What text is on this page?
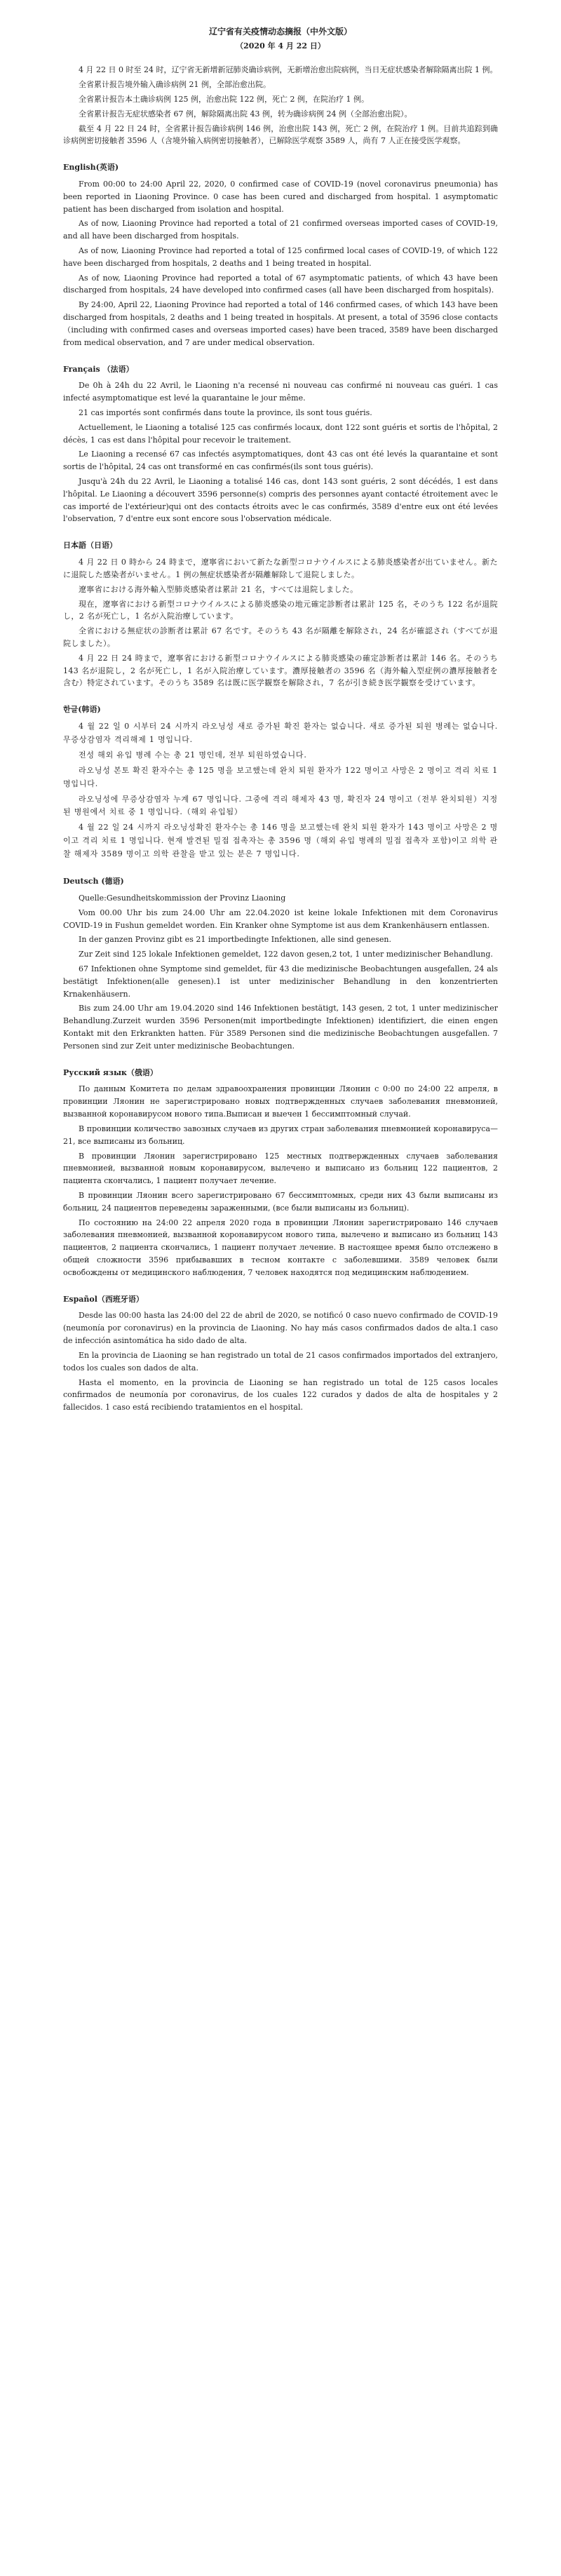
辽宁省有关疫情动态摘报（中外文版）
（2020 年 4 月 22 日）

4 月 22 日 0 时至 24 时，辽宁省无新增新冠肺炎确诊病例，无新增治愈出院病例，当日无症状感染者解除隔离出院 1 例。

全省累计报告境外输入确诊病例 21 例，全部治愈出院。

全省累计报告本土确诊病例 125 例，治愈出院 122 例，死亡 2 例，在院治疗 1 例。

全省累计报告无症状感染者 67 例，解除隔离出院 43 例，转为确诊病例 24 例（全部治愈出院）。

截至 4 月 22 日 24 时，全省累计报告确诊病例 146 例，治愈出院 143 例，死亡 2 例，在院治疗 1 例。目前共追踪到确诊病例密切接触者 3596 人（含境外输入病例密切接触者），已解除医学观察 3589 人，尚有 7 人正在接受医学观察。

English(英语)

From 00:00 to 24:00 April 22, 2020, 0 confirmed case of COVID-19 (novel coronavirus pneumonia) has been reported in Liaoning Province. 0 case has been cured and discharged from hospital. 1 asymptomatic patient has been discharged from isolation and hospital.

As of now, Liaoning Province had reported a total of 21 confirmed overseas imported cases of COVID-19, and all have been discharged from hospitals.

As of now, Liaoning Province had reported a total of 125 confirmed local cases of COVID-19, of which 122 have been discharged from hospitals, 2 deaths and 1 being treated in hospital.

As of now, Liaoning Province had reported a total of 67 asymptomatic patients, of which 43 have been discharged from hospitals, 24 have developed into confirmed cases (all have been discharged from hospitals).

By 24:00, April 22, Liaoning Province had reported a total of 146 confirmed cases, of which 143 have been discharged from hospitals, 2 deaths and 1 being treated in hospitals. At present, a total of 3596 close contacts（including with confirmed cases and overseas imported cases) have been traced, 3589 have been discharged from medical observation, and 7 are under medical observation.

Français （法语）

De 0h à 24h du 22 Avril, le Liaoning n'a recensé ni nouveau cas confirmé ni nouveau cas guéri. 1 cas infecté asymptomatique est levé la quarantaine le jour même.

21 cas importés sont confirmés dans toute la province, ils sont tous guéris.

Actuellement, le Liaoning a totalisé 125 cas confirmés locaux, dont 122 sont guéris et sortis de l'hôpital, 2 décès, 1 cas est dans l'hôpital pour recevoir le traitement.

Le Liaoning a recensé 67 cas infectés asymptomatiques, dont 43 cas ont été levés la quarantaine et sont sortis de l'hôpital, 24 cas ont transformé en cas confirmés(ils sont tous guéris).

Jusqu'à 24h du 22 Avril, le Liaoning a totalisé 146 cas, dont 143 sont guéris, 2 sont décédés, 1 est dans l'hôpital. Le Liaoning a découvert 3596 personne(s) compris des personnes ayant contacté étroitement avec le cas importé de l'extérieur)qui ont des contacts étroits avec le cas confirmés, 3589 d'entre eux ont été levées l'observation, 7 d'entre eux sont encore sous l'observation médicale.

日本語（日语）

4 月 22 日 0 時から 24 時まで，遼寧省において新たな新型コロナウイルスによる肺炎感染者が出ていません。新たに退院した感染者がいません。1 例の無症状感染者が隔離解除して退院しました。

遼寧省における海外輸入型肺炎感染者は累計 21 名，すべては退院しました。

現在，遼寧省における新型コロナウイルスによる肺炎感染の地元確定診断者は累計 125 名，そのうち 122 名が退院し，2 名が死亡し，1 名が入院治療しています。

全省における無症状の診断者は累計 67 名です。そのうち 43 名が隔離を解除され，24 名が確認され（すべてが退院しました）。

4 月 22 日 24 時まで，遼寧省における新型コロナウイルスによる肺炎感染の確定診断者は累計 146 名。そのうち 143 名が退院し，2 名が死亡し，1 名が入院治療しています。濃厚接触者の 3596 名（海外輸入型症例の濃厚接触者を含む）特定されています。そのうち 3589 名は既に医学観察を解除され，7 名が引き続き医学観察を受けています。

한글(韩语)

4 월 22 일 0 시부터 24 시까지 라오닝성 새로 증가된 확진 환자는 없습니다. 새로 증가된 퇴원 병례는 없습니다. 무증상감염자 격리해제 1 명입니다.

전성 해외 유입 병례 수는 총 21 명인데, 전부 퇴원하였습니다.

라오닝성 본토 확진 환자수는 총 125 명을 보고했는데 완치 퇴원 환자가 122 명이고 사망은 2 명이고 격리 치료 1 명입니다.

라오닝성에 무증상감염자 누계 67 명입니다. 그중에 격리 해제자 43 명, 확진자 24 명이고（전부 완치퇴원）지정된 병원에서 치료 중 1 명입니다.（해외 유입됨）

4 월 22 일 24 시까지 라오닝성확진 환자수는 총 146 명을 보고했는데 완치 퇴원 환자가 143 명이고 사망은 2 명이고 격리 치료 1 명입니다. 현재 발견된 밀접 접촉자는 총 3596 명（해외 유입 병례의 밀접 접촉자 포함)이고 의학 관찰 해제자 3589 명이고 의학 관찰을 받고 있는 분은 7 명입니다.

Deutsch (德语)

Quelle:Gesundheitskommission der Provinz Liaoning

Vom 00.00 Uhr bis zum 24.00 Uhr am 22.04.2020 ist keine lokale Infektionen mit dem Coronavirus COVID-19 in Fushun gemeldet worden. Ein Kranker ohne Symptome ist aus dem Krankenhäusern entlassen.

In der ganzen Provinz gibt es 21 importbedingte Infektionen, alle sind genesen.

Zur Zeit sind 125 lokale Infektionen gemeldet, 122 davon gesen,2 tot, 1 unter medizinischer Behandlung.

67 Infektionen ohne Symptome sind gemeldet, für 43 die medizinische Beobachtungen ausgefallen, 24 als bestätigt Infektionen(alle genesen).1 ist unter medizinischer Behandlung in den konzentrierten Krnakenhäusern.

Bis zum 24.00 Uhr am 19.04.2020 sind 146 Infektionen bestätigt, 143 gesen, 2 tot, 1 unter medizinischer Behandlung.Zurzeit wurden 3596 Personen(mit importbedingte Infektionen) identifiziert, die einen engen Kontakt mit den Erkrankten hatten. Für 3589 Personen sind die medizinische Beobachtungen ausgefallen. 7 Personen sind zur Zeit unter medizinische Beobachtungen.

Русский язык（俄语）

По данным Комитета по делам здравоохранения провинции Ляонин с 0:00 по 24:00 22 апреля, в провинции Ляонин не зарегистрировано новых подтвержденных случаев заболевания пневмонией, вызванной коронавирусом нового типа.Выписан и выечен 1 бессимптомный случай.

В провинции количество завозных случаев из других стран заболевания пневмонией коронавируса—21, все выписаны из больниц.

В провинции Ляонин зарегистрировано 125 местных подтвержденных случаев заболевания пневмонией, вызванной новым коронавирусом, вылечено и выписано из больниц 122 пациентов, 2 пациента скончались, 1 пациент получает лечение.

В провинции Ляонин всего зарегистрировано 67 бессимптомных, среди них 43 были выписаны из больниц, 24 пациентов переведены зараженными, (все были выписаны из больниц).

По состоянию на 24:00 22 апреля 2020 года в провинции Ляонин зарегистрировано 146 случаев заболевания пневмонией, вызванной коронавирусом нового типа, вылечено и выписано из больниц 143 пациентов, 2 пациента скончались, 1 пациент получает лечение. В настоящее время было отслежено в общей сложности 3596 прибывавших в тесном контакте с заболевшими. 3589 человек были освобождены от медицинского наблюдения, 7 человек находятся под медицинским наблюдением.

Español（西班牙语）

Desde las 00:00 hasta las 24:00 del 22 de abril de 2020, se notificó 0 caso nuevo confirmado de COVID-19 (neumonía por coronavirus) en la provincia de Liaoning. No hay más casos confirmados dados de alta.1 caso de infección asintomática ha sido dado de alta.

En la provincia de Liaoning se han registrado un total de 21 casos confirmados importados del extranjero, todos los cuales son dados de alta.

Hasta el momento, en la provincia de Liaoning se han registrado un total de 125 casos locales confirmados de neumonía por coronavirus, de los cuales 122 curados y dados de alta de hospitales y 2 fallecidos. 1 caso está recibiendo tratamientos en el hospital.
